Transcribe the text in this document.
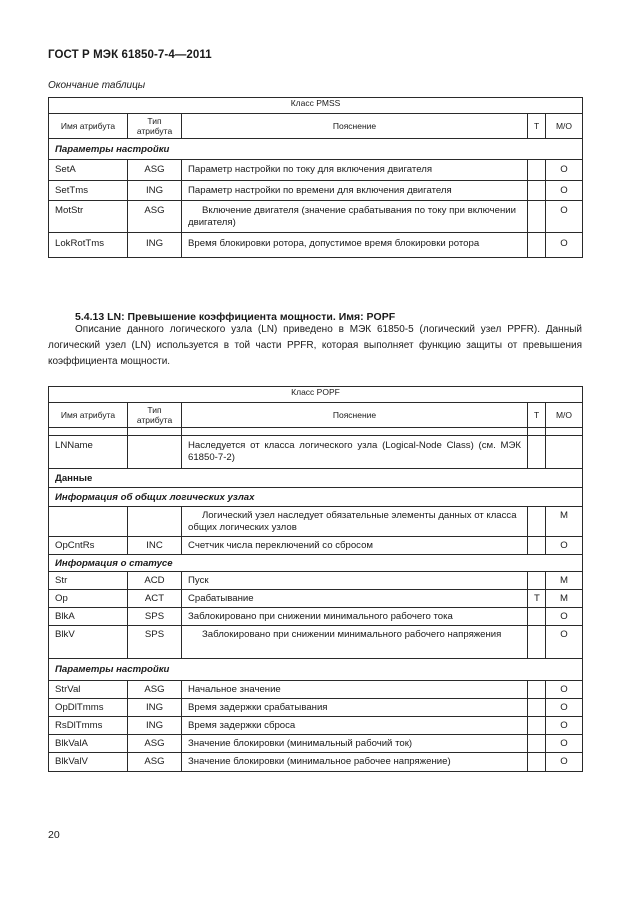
ГОСТ Р МЭК 61850-7-4—2011
Окончание таблицы
Класс PMSS				
Имя атрибута	Тип атрибута	Пояснение	T	М/О
Параметры настройки				
SetA	ASG	Параметр настройки по току для включения двигателя		O
SetTms	ING	Параметр настройки по времени для включения двигателя		O
MotStr	ASG	Включение двигателя (значение срабатывания по току при включении двигателя)		O
LokRotTms	ING	Время блокировки ротора, допустимое время блокировки ротора		O
5.4.13 LN: Превышение коэффициента мощности. Имя: POPF

Описание данного логического узла (LN) приведено в МЭК 61850-5 (логический узел PPFR). Данный логический узел (LN) используется в той части PPFR, которая выполняет функцию защиты от превышения коэффициента мощности.

Класс POPF				
Имя атрибута	Тип атрибута	Пояснение	T	М/О

LNName		Наследуется от класса логического узла (Logical-Node Class) (см. МЭК 61850-7-2)		
Данные				
Информация об общих логических узлах				
		Логический узел наследует обязательные элементы данных от класса общих логических узлов		M
OpCntRs	INC	Счетчик числа переключений со сбросом		O
Информация о статусе				
Str	ACD	Пуск		M
Op	ACT	Срабатывание	T	M
BlkA	SPS	Заблокировано при снижении минимального рабочего тока		O
BlkV	SPS	Заблокировано при снижении минимального рабочего напряжения		O
Параметры настройки				
StrVal	ASG	Начальное значение		O
OpDlTmms	ING	Время задержки срабатывания		O
RsDlTmms	ING	Время задержки сброса		O
BlkValA	ASG	Значение блокировки (минимальный рабочий ток)		O
BlkValV	ASG	Значение блокировки (минимальное рабочее напряжение)		O
20
